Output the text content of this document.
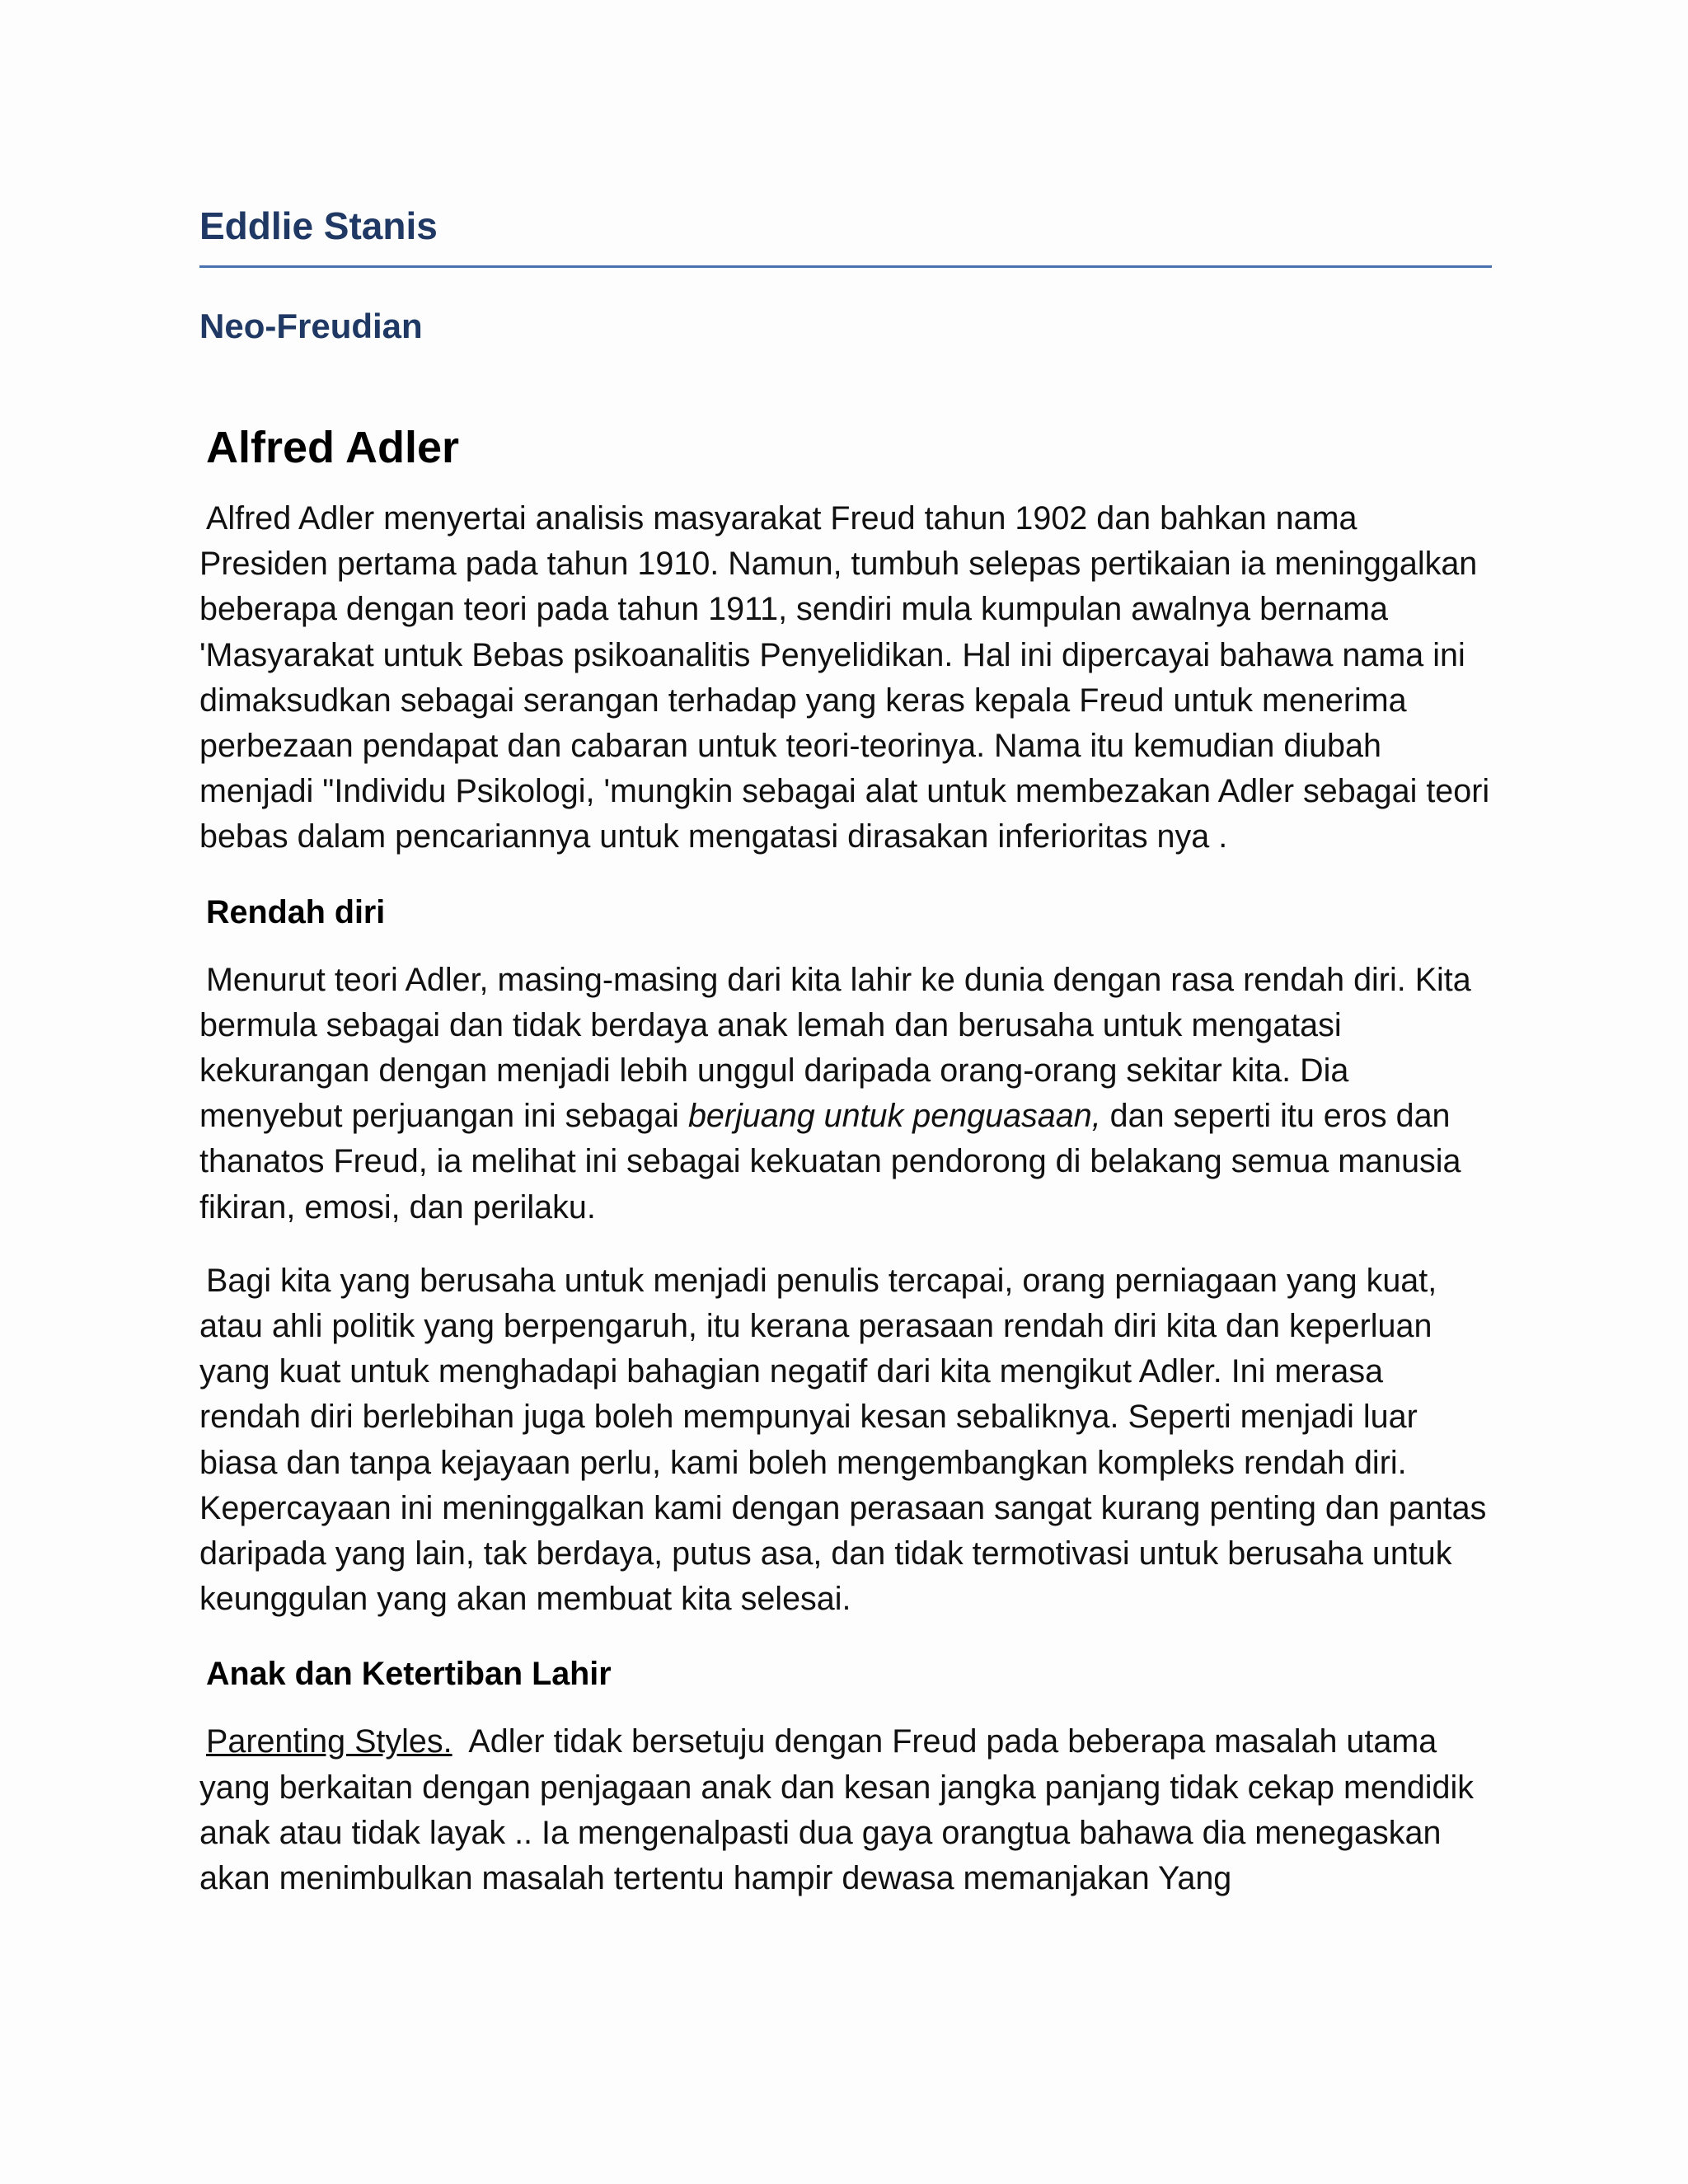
Eddlie Stanis
Neo-Freudian
Alfred Adler

Alfred Adler menyertai analisis masyarakat Freud tahun 1902 dan bahkan nama Presiden pertama pada tahun 1910. Namun, tumbuh selepas pertikaian ia meninggalkan beberapa dengan teori pada tahun 1911, sendiri mula kumpulan awalnya bernama 'Masyarakat untuk Bebas psikoanalitis Penyelidikan. Hal ini dipercayai bahawa nama ini dimaksudkan sebagai serangan terhadap yang keras kepala Freud untuk menerima perbezaan pendapat dan cabaran untuk teori-teorinya. Nama itu kemudian diubah menjadi "Individu Psikologi, 'mungkin sebagai alat untuk membezakan Adler sebagai teori bebas dalam pencariannya untuk mengatasi dirasakan inferioritas nya .

Rendah diri

Menurut teori Adler, masing-masing dari kita lahir ke dunia dengan rasa rendah diri. Kita bermula sebagai dan tidak berdaya anak lemah dan berusaha untuk mengatasi kekurangan dengan menjadi lebih unggul daripada orang-orang sekitar kita. Dia menyebut perjuangan ini sebagai berjuang untuk penguasaan, dan seperti itu eros dan thanatos Freud, ia melihat ini sebagai kekuatan pendorong di belakang semua manusia fikiran, emosi, dan perilaku.

Bagi kita yang berusaha untuk menjadi penulis tercapai, orang perniagaan yang kuat, atau ahli politik yang berpengaruh, itu kerana perasaan rendah diri kita dan keperluan yang kuat untuk menghadapi bahagian negatif dari kita mengikut Adler. Ini merasa rendah diri berlebihan juga boleh mempunyai kesan sebaliknya. Seperti menjadi luar biasa dan tanpa kejayaan perlu, kami boleh mengembangkan kompleks rendah diri. Kepercayaan ini meninggalkan kami dengan perasaan sangat kurang penting dan pantas daripada yang lain, tak berdaya, putus asa, dan tidak termotivasi untuk berusaha untuk keunggulan yang akan membuat kita selesai.

Anak dan Ketertiban Lahir

Parenting Styles.  Adler tidak bersetuju dengan Freud pada beberapa masalah utama yang berkaitan dengan penjagaan anak dan kesan jangka panjang tidak cekap mendidik anak atau tidak layak .. Ia mengenalpasti dua gaya orangtua bahawa dia menegaskan akan menimbulkan masalah tertentu hampir dewasa memanjakan Yang
